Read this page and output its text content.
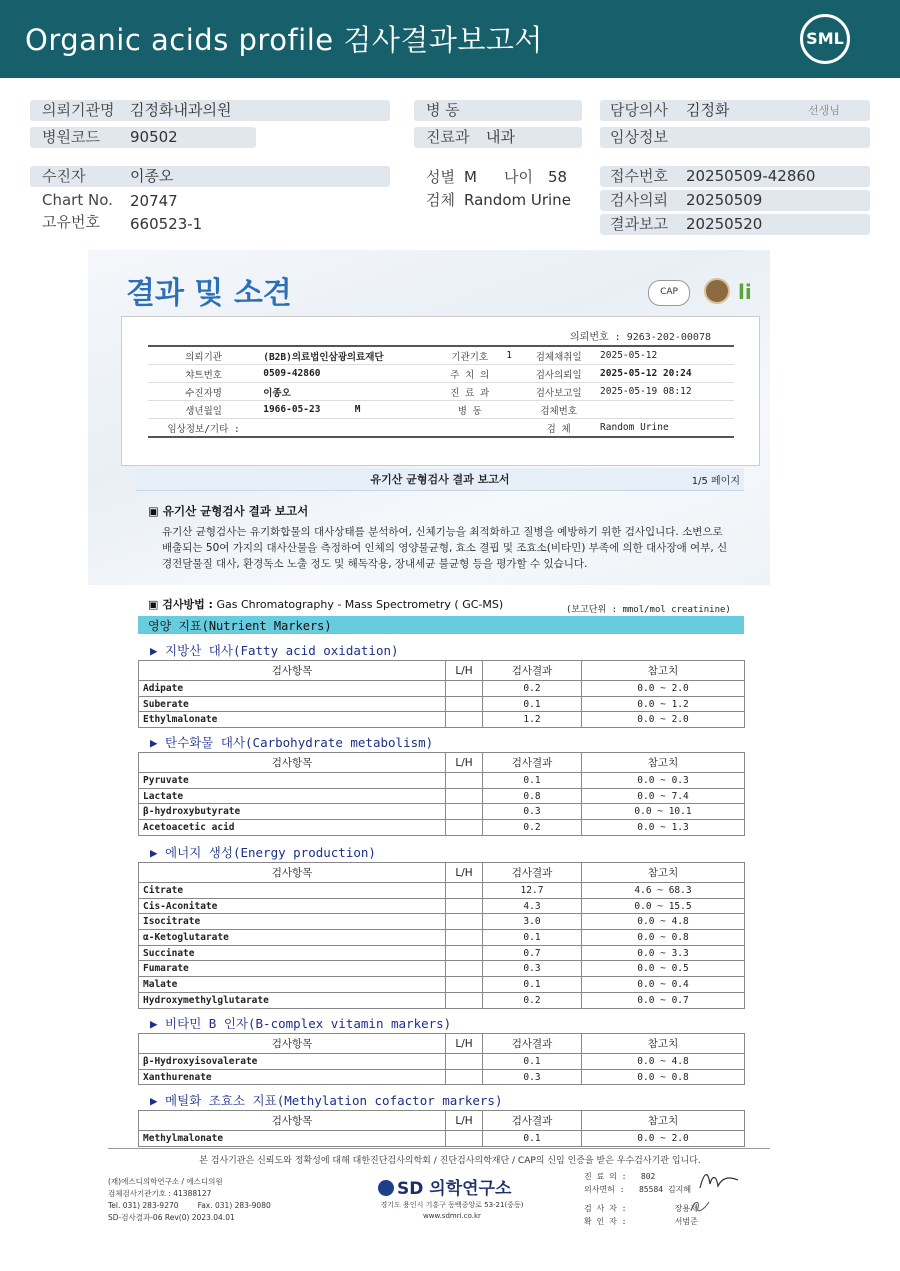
Organic acids profile 검사결과보고서	SML
의뢰기관명 김정화내과의원
병원코드 90502
병 동
진료과 내과
담당의사 김정화	선생님
임상정보
수진자	이종오
Chart No. 20747
고유번호 660523-1
성별 M 나이 58
검체 Random Urine
접수번호 20250509-42860
검사의뢰 20250509
결과보고 20250520
결과 및 소견	CAP	li
의뢰번호 : 9263-202-00078
의뢰기관	(B2B)의료법인삼광의료재단	기관기호	1	검체채취일	2025-05-12
챠트번호	0509-42860	주 치 의		검사의뢰일	2025-05-12 20:24
수진자명	이종오	진 료 과		검사보고일	2025-05-19 08:12
생년월일	1966-05-23      M	병 동		검체번호	
임상정보/기타 :				검 체	Random Urine
유기산 균형검사 결과 보고서	1/5 페이지
▣ 유기산 균형검사 결과 보고서
유기산 균형검사는 유기화합물의 대사상태를 분석하여, 신체기능을 최적화하고 질병을 예방하기 위한 검사입니다. 소변으로 배출되는 50여 가지의 대사산물을 측정하여 인체의 영양물균형, 효소 결핍 및 조효소(비타민) 부족에 의한 대사장애 여부, 신경전달물질 대사, 환경독소 노출 정도 및 해독작용, 장내세균 불균형 등을 평가할 수 있습니다.
▣ 검사방법 : Gas Chromatography - Mass Spectrometry ( GC-MS)	(보고단위 : mmol/mol creatinine)
영양 지표(Nutrient Markers)
▶ 지방산 대사(Fatty acid oxidation)
검사항목	L/H	검사결과	참고치
Adipate		0.2	0.0 ~ 2.0
Suberate		0.1	0.0 ~ 1.2
Ethylmalonate		1.2	0.0 ~ 2.0
▶ 탄수화물 대사(Carbohydrate metabolism)
검사항목	L/H	검사결과	참고치
Pyruvate		0.1	0.0 ~ 0.3
Lactate		0.8	0.0 ~ 7.4
β-hydroxybutyrate		0.3	0.0 ~ 10.1
Acetoacetic acid		0.2	0.0 ~ 1.3
▶ 에너지 생성(Energy production)
검사항목	L/H	검사결과	참고치
Citrate		12.7	4.6 ~ 68.3
Cis-Aconitate		4.3	0.0 ~ 15.5
Isocitrate		3.0	0.0 ~ 4.8
α-Ketoglutarate		0.1	0.0 ~ 0.8
Succinate		0.7	0.0 ~ 3.3
Fumarate		0.3	0.0 ~ 0.5
Malate		0.1	0.0 ~ 0.4
Hydroxymethylglutarate		0.2	0.0 ~ 0.7
▶ 비타민 B 인자(B-complex vitamin markers)
검사항목	L/H	검사결과	참고치
β-Hydroxyisovalerate		0.1	0.0 ~ 4.8
Xanthurenate		0.3	0.0 ~ 0.8
▶ 메틸화 조효소 지표(Methylation cofactor markers)
검사항목	L/H	검사결과	참고치
Methylmalonate		0.1	0.0 ~ 2.0
본 검사기관은 신뢰도와 정확성에 대해 대한진단검사의학회 / 진단검사의학재단 / CAP의 신임 인증을 받은 우수검사기관 입니다.
(재)에스디의학연구소 / 에스디의원
검체검사기관기호 : 41388127
Tel. 031) 283-9270        Fax. 031) 283-9080
SD-검사결과-06 Rev(0) 2023.04.01
SD 의학연구소
경기도 용인시 기흥구 동백중앙로 53-21(중동)
www.sdmri.co.kr
진 료 의 :   802
의사면허 :   85584 김지혜
검 사 자 :          장용재
확 인 자 :          서범준
